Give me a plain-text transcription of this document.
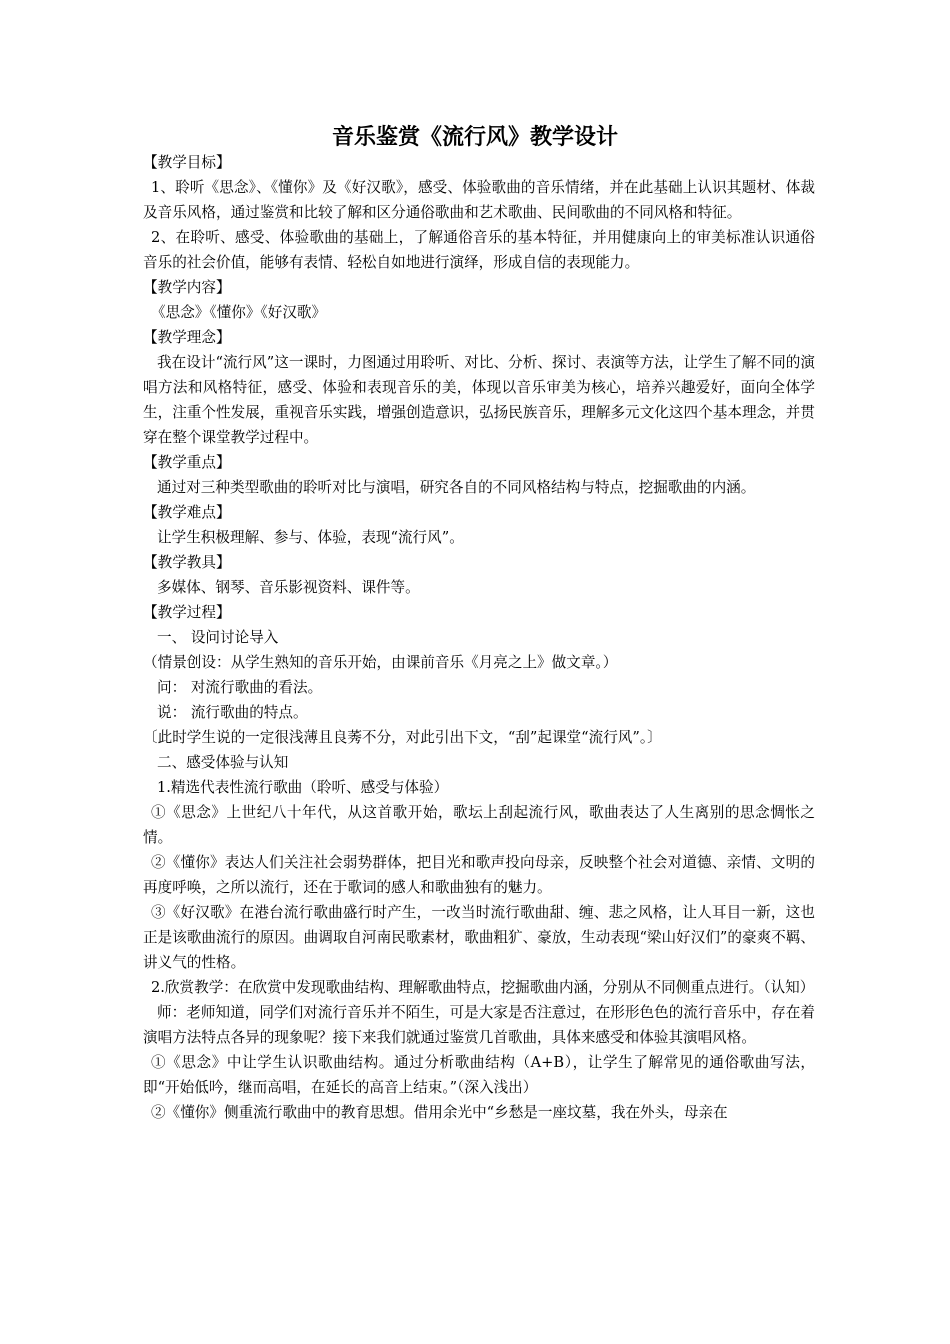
音乐鉴赏《流行风》教学设计

【教学目标】

1、聆听《思念》、《懂你》及《好汉歌》，感受、体验歌曲的音乐情绪，并在此基础上认识其题材、体裁及音乐风格，通过鉴赏和比较了解和区分通俗歌曲和艺术歌曲、民间歌曲的不同风格和特征。

2、在聆听、感受、体验歌曲的基础上，了解通俗音乐的基本特征，并用健康向上的审美标准认识通俗音乐的社会价值，能够有表情、轻松自如地进行演绎，形成自信的表现能力。

【教学内容】

《思念》《懂你》《好汉歌》

【教学理念】

我在设计“流行风”这一课时，力图通过用聆听、对比、分析、探讨、表演等方法，让学生了解不同的演唱方法和风格特征，感受、体验和表现音乐的美，体现以音乐审美为核心，培养兴趣爱好，面向全体学生，注重个性发展，重视音乐实践，增强创造意识，弘扬民族音乐，理解多元文化这四个基本理念，并贯穿在整个课堂教学过程中。

【教学重点】

通过对三种类型歌曲的聆听对比与演唱，研究各自的不同风格结构与特点，挖掘歌曲的内涵。

【教学难点】

让学生积极理解、参与、体验，表现“流行风”。

【教学教具】

多媒体、钢琴、音乐影视资料、课件等。

【教学过程】

一、 设问讨论导入

（情景创设：从学生熟知的音乐开始，由课前音乐《月亮之上》做文章。）

问： 对流行歌曲的看法。

说： 流行歌曲的特点。

〔此时学生说的一定很浅薄且良莠不分，对此引出下文，“刮”起课堂“流行风”。〕

二、感受体验与认知

1.精选代表性流行歌曲（聆听、感受与体验）

①《思念》上世纪八十年代，从这首歌开始，歌坛上刮起流行风，歌曲表达了人生离别的思念惆怅之情。

②《懂你》表达人们关注社会弱势群体，把目光和歌声投向母亲，反映整个社会对道德、亲情、文明的再度呼唤，之所以流行，还在于歌词的感人和歌曲独有的魅力。

③《好汉歌》在港台流行歌曲盛行时产生，一改当时流行歌曲甜、缠、悲之风格，让人耳目一新，这也正是该歌曲流行的原因。曲调取自河南民歌素材，歌曲粗犷、豪放，生动表现“梁山好汉们”的豪爽不羁、讲义气的性格。

2.欣赏教学：在欣赏中发现歌曲结构、理解歌曲特点，挖掘歌曲内涵，分别从不同侧重点进行。（认知）

师：老师知道，同学们对流行音乐并不陌生，可是大家是否注意过，在形形色色的流行音乐中，存在着演唱方法特点各异的现象呢？接下来我们就通过鉴赏几首歌曲，具体来感受和体验其演唱风格。

①《思念》中让学生认识歌曲结构。通过分析歌曲结构（A+B），让学生了解常见的通俗歌曲写法，即“开始低吟，继而高唱，在延长的高音上结束。”（深入浅出）

②《懂你》侧重流行歌曲中的教育思想。借用余光中“乡愁是一座坟墓，我在外头，母亲在
